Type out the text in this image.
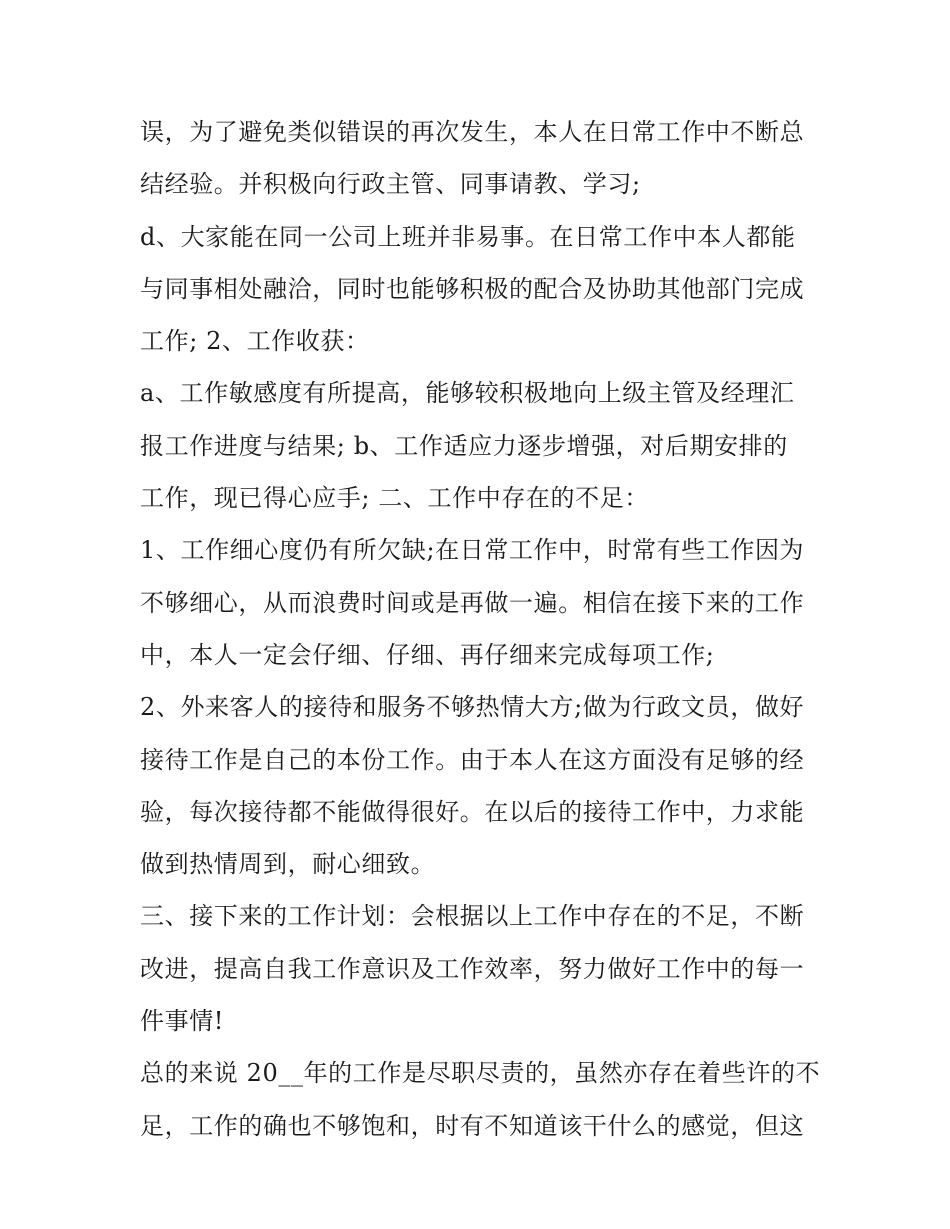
误，为了避免类似错误的再次发生，本人在日常工作中不断总

结经验。并积极向行政主管、同事请教、学习;

d、大家能在同一公司上班并非易事。在日常工作中本人都能

与同事相处融洽，同时也能够积极的配合及协助其他部门完成

工作; 2、工作收获：

a、工作敏感度有所提高，能够较积极地向上级主管及经理汇

报工作进度与结果; b、工作适应力逐步增强，对后期安排的

工作，现已得心应手; 二、工作中存在的不足：

1、工作细心度仍有所欠缺;在日常工作中，时常有些工作因为

不够细心，从而浪费时间或是再做一遍。相信在接下来的工作

中，本人一定会仔细、仔细、再仔细来完成每项工作;

2、外来客人的接待和服务不够热情大方;做为行政文员，做好

接待工作是自己的本份工作。由于本人在这方面没有足够的经

验，每次接待都不能做得很好。在以后的接待工作中，力求能

做到热情周到，耐心细致。

三、接下来的工作计划：会根据以上工作中存在的不足，不断

改进，提高自我工作意识及工作效率，努力做好工作中的每一

件事情!

总的来说 20__年的工作是尽职尽责的，虽然亦存在着些许的不

足，工作的确也不够饱和，时有不知道该干什么的感觉，但这
